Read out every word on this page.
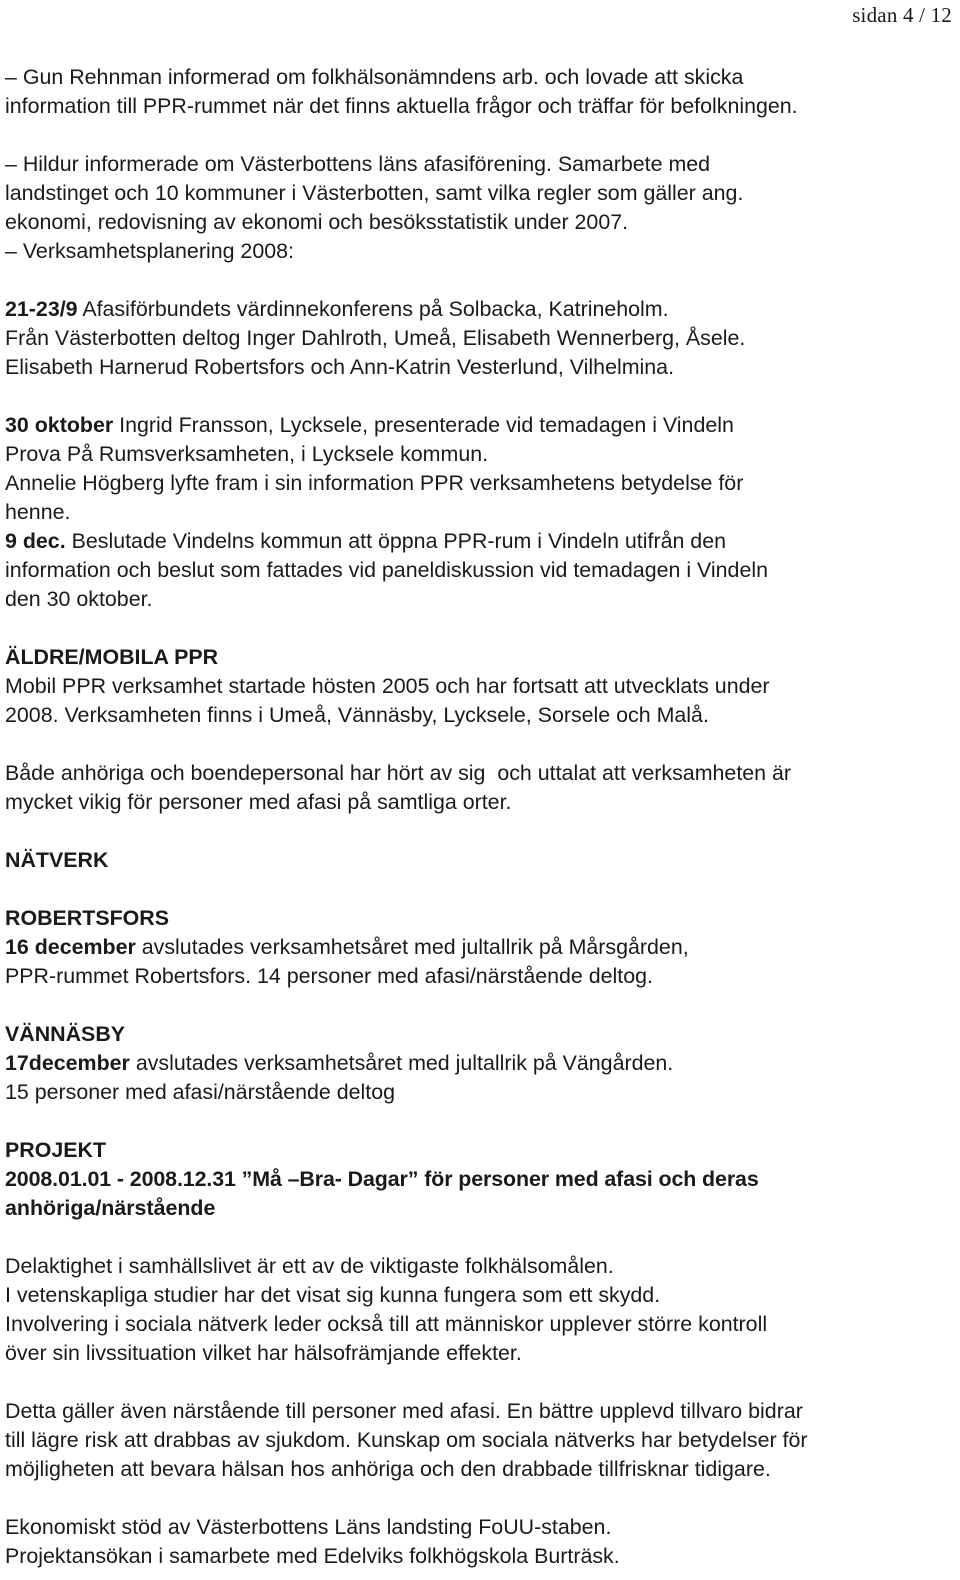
sidan 4 / 12
– Gun Rehnman informerad om folkhälsonämndens arb. och lovade att skicka
information till PPR-rummet när det finns aktuella frågor och träffar för befolkningen.
– Hildur informerade om Västerbottens läns afasiförening. Samarbete med
landstinget och 10 kommuner i Västerbotten, samt vilka regler som gäller ang.
ekonomi, redovisning av ekonomi och besöksstatistik under 2007.
– Verksamhetsplanering 2008:
21-23/9 Afasiförbundets värdinnekonferens på Solbacka, Katrineholm.
Från Västerbotten deltog Inger Dahlroth, Umeå, Elisabeth Wennerberg, Åsele.
Elisabeth Harnerud Robertsfors och Ann-Katrin Vesterlund, Vilhelmina.
30 oktober Ingrid Fransson, Lycksele, presenterade vid temadagen i Vindeln
Prova På Rumsverksamheten, i Lycksele kommun.
Annelie Högberg lyfte fram i sin information PPR verksamhetens betydelse för
henne.
9 dec. Beslutade Vindelns kommun att öppna PPR-rum i Vindeln utifrån den
information och beslut som fattades vid paneldiskussion vid temadagen i Vindeln
den 30 oktober.
ÄLDRE/MOBILA PPR
Mobil PPR verksamhet startade hösten 2005 och har fortsatt att utvecklats under
2008. Verksamheten finns i Umeå, Vännäsby, Lycksele, Sorsele och Malå.
Både anhöriga och boendepersonal har hört av sig  och uttalat att verksamheten är
mycket vikig för personer med afasi på samtliga orter.
NÄTVERK
ROBERTSFORS
16 december avslutades verksamhetsåret med jultallrik på Mårsgården,
PPR-rummet Robertsfors. 14 personer med afasi/närstående deltog.
VÄNNÄSBY
17december avslutades verksamhetsåret med jultallrik på Vängården.
15 personer med afasi/närstående deltog
PROJEKT
2008.01.01 - 2008.12.31 ”Må –Bra- Dagar” för personer med afasi och deras
anhöriga/närstående
Delaktighet i samhällslivet är ett av de viktigaste folkhälsomålen.
I vetenskapliga studier har det visat sig kunna fungera som ett skydd.
Involvering i sociala nätverk leder också till att människor upplever större kontroll
över sin livssituation vilket har hälsofrämjande effekter.
Detta gäller även närstående till personer med afasi. En bättre upplevd tillvaro bidrar
till lägre risk att drabbas av sjukdom. Kunskap om sociala nätverks har betydelser för
möjligheten att bevara hälsan hos anhöriga och den drabbade tillfrisknar tidigare.
Ekonomiskt stöd av Västerbottens Läns landsting FoUU-staben.
Projektansökan i samarbete med Edelviks folkhögskola Burträsk.
